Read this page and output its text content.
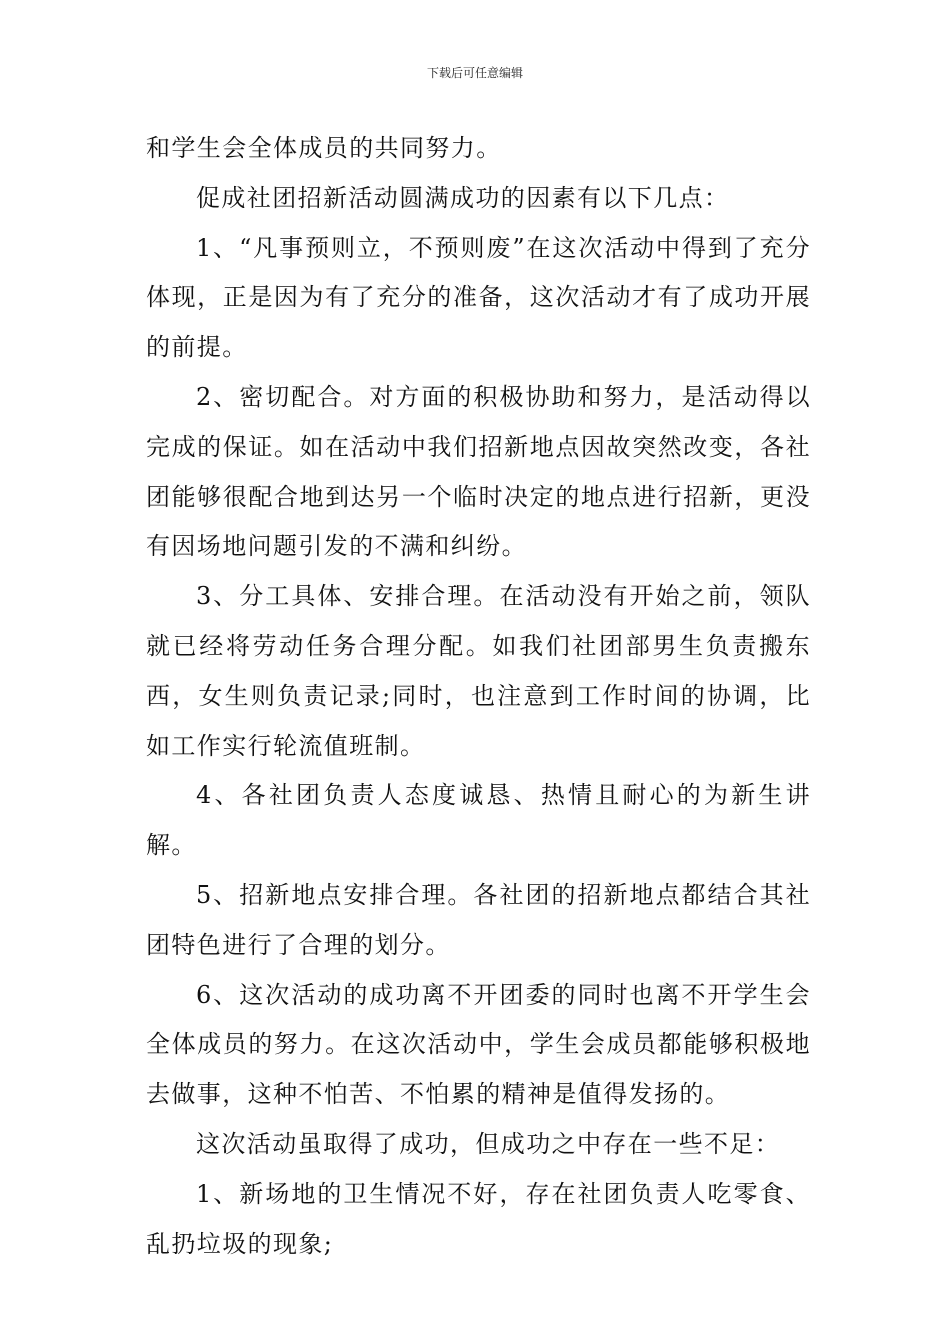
下载后可任意编辑

和学生会全体成员的共同努力。

促成社团招新活动圆满成功的因素有以下几点：

1、“凡事预则立，不预则废”在这次活动中得到了充分体现，正是因为有了充分的准备，这次活动才有了成功开展的前提。

2、密切配合。对方面的积极协助和努力，是活动得以完成的保证。如在活动中我们招新地点因故突然改变，各社团能够很配合地到达另一个临时决定的地点进行招新，更没有因场地问题引发的不满和纠纷。

3、分工具体、安排合理。在活动没有开始之前，领队就已经将劳动任务合理分配。如我们社团部男生负责搬东西，女生则负责记录;同时，也注意到工作时间的协调，比如工作实行轮流值班制。

4、各社团负责人态度诚恳、热情且耐心的为新生讲解。

5、招新地点安排合理。各社团的招新地点都结合其社团特色进行了合理的划分。

6、这次活动的成功离不开团委的同时也离不开学生会全体成员的努力。在这次活动中，学生会成员都能够积极地去做事，这种不怕苦、不怕累的精神是值得发扬的。

这次活动虽取得了成功，但成功之中存在一些不足：

1、新场地的卫生情况不好，存在社团负责人吃零食、乱扔垃圾的现象;
